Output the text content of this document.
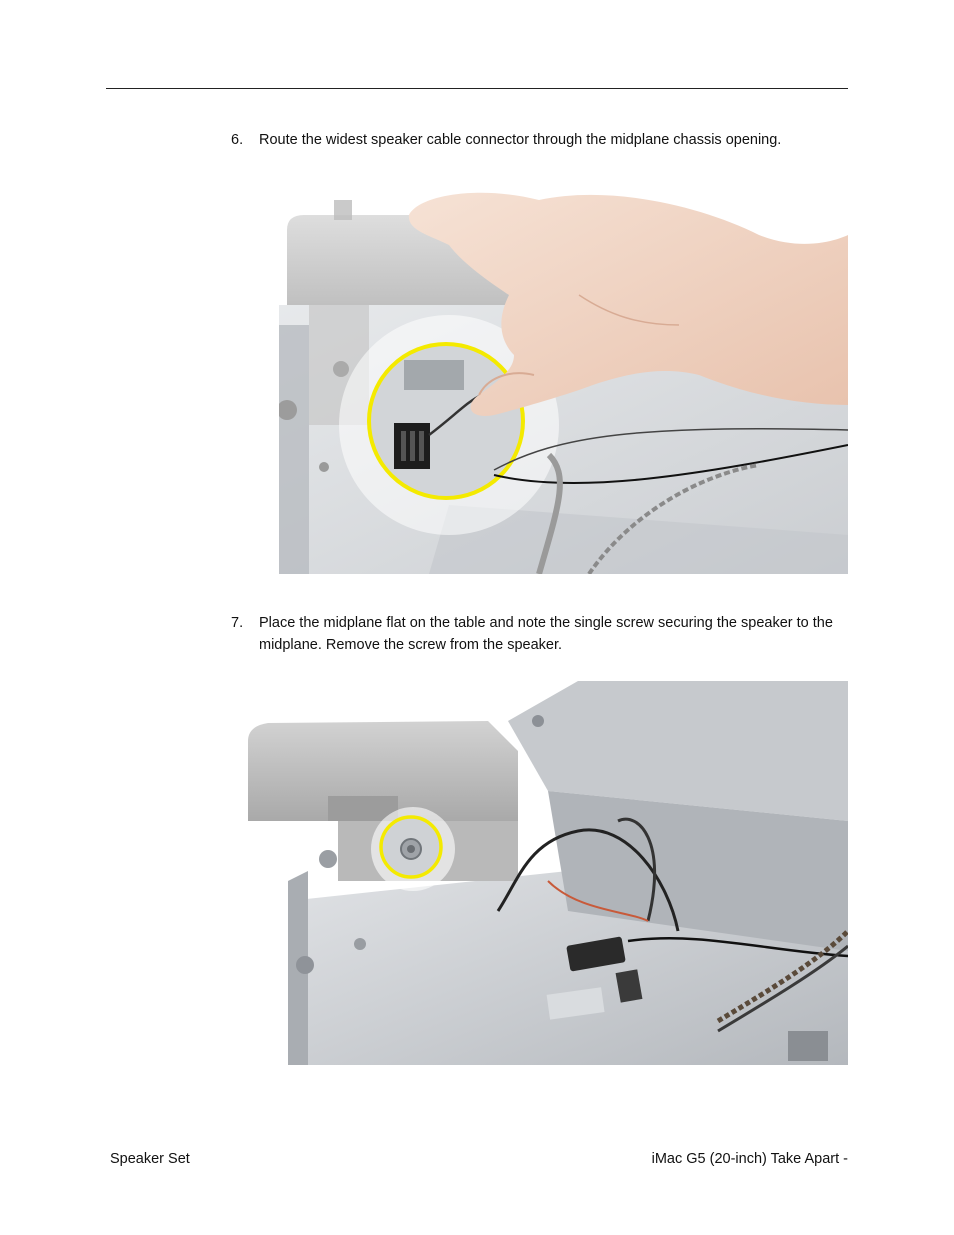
6. Route the widest speaker cable connector through the midplane chassis opening.
7. Place the midplane flat on the table and note the single screw securing the speaker to the midplane. Remove the screw from the speaker.
Speaker Set	iMac G5 (20-inch) Take Apart -
